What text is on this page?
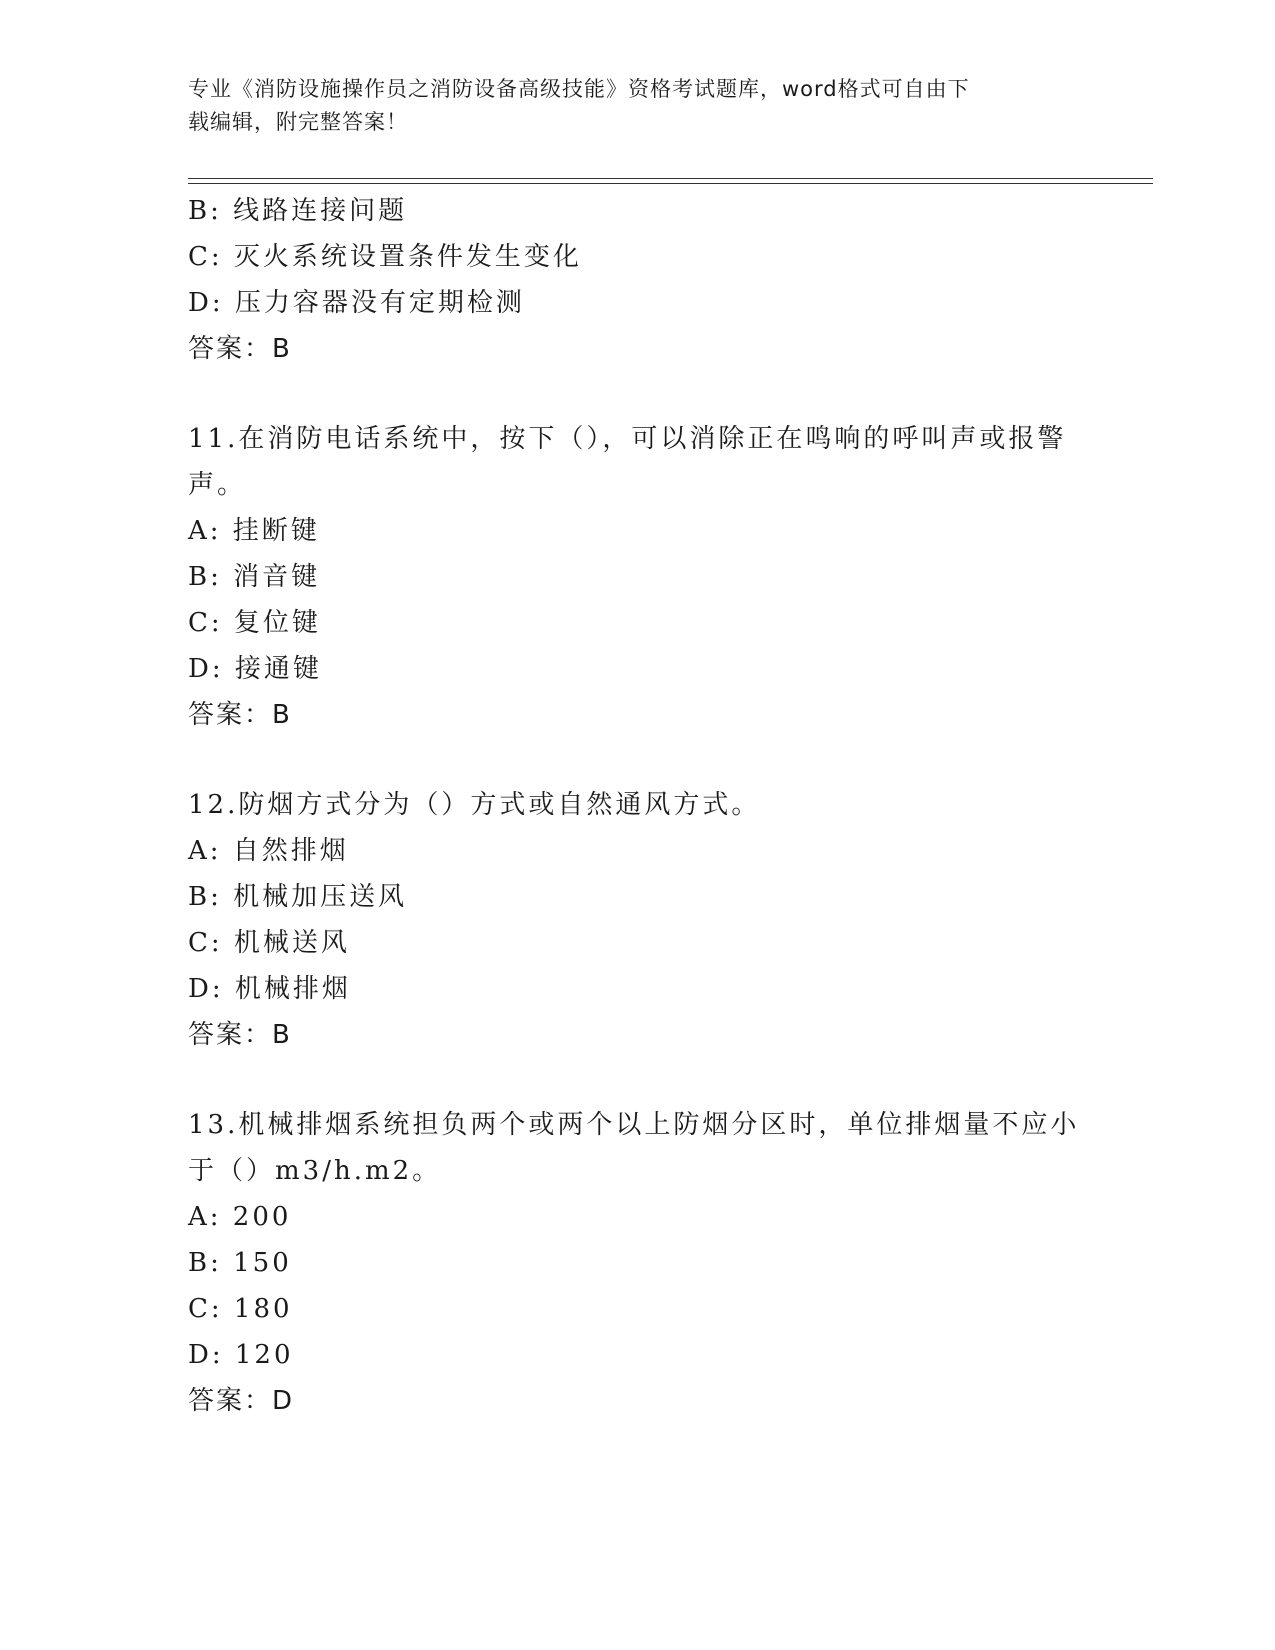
专业《消防设施操作员之消防设备高级技能》资格考试题库，word格式可自由下
载编辑，附完整答案！
B: 线路连接问题
C: 灭火系统设置条件发生变化
D: 压力容器没有定期检测
答案：B
11.在消防电话系统中，按下（），可以消除正在鸣响的呼叫声或报警
声。
A: 挂断键
B: 消音键
C: 复位键
D: 接通键
答案：B
12.防烟方式分为（）方式或自然通风方式。
A: 自然排烟
B: 机械加压送风
C: 机械送风
D: 机械排烟
答案：B
13.机械排烟系统担负两个或两个以上防烟分区时，单位排烟量不应小
于（）m3/h.m2。
A: 200
B: 150
C: 180
D: 120
答案：D
